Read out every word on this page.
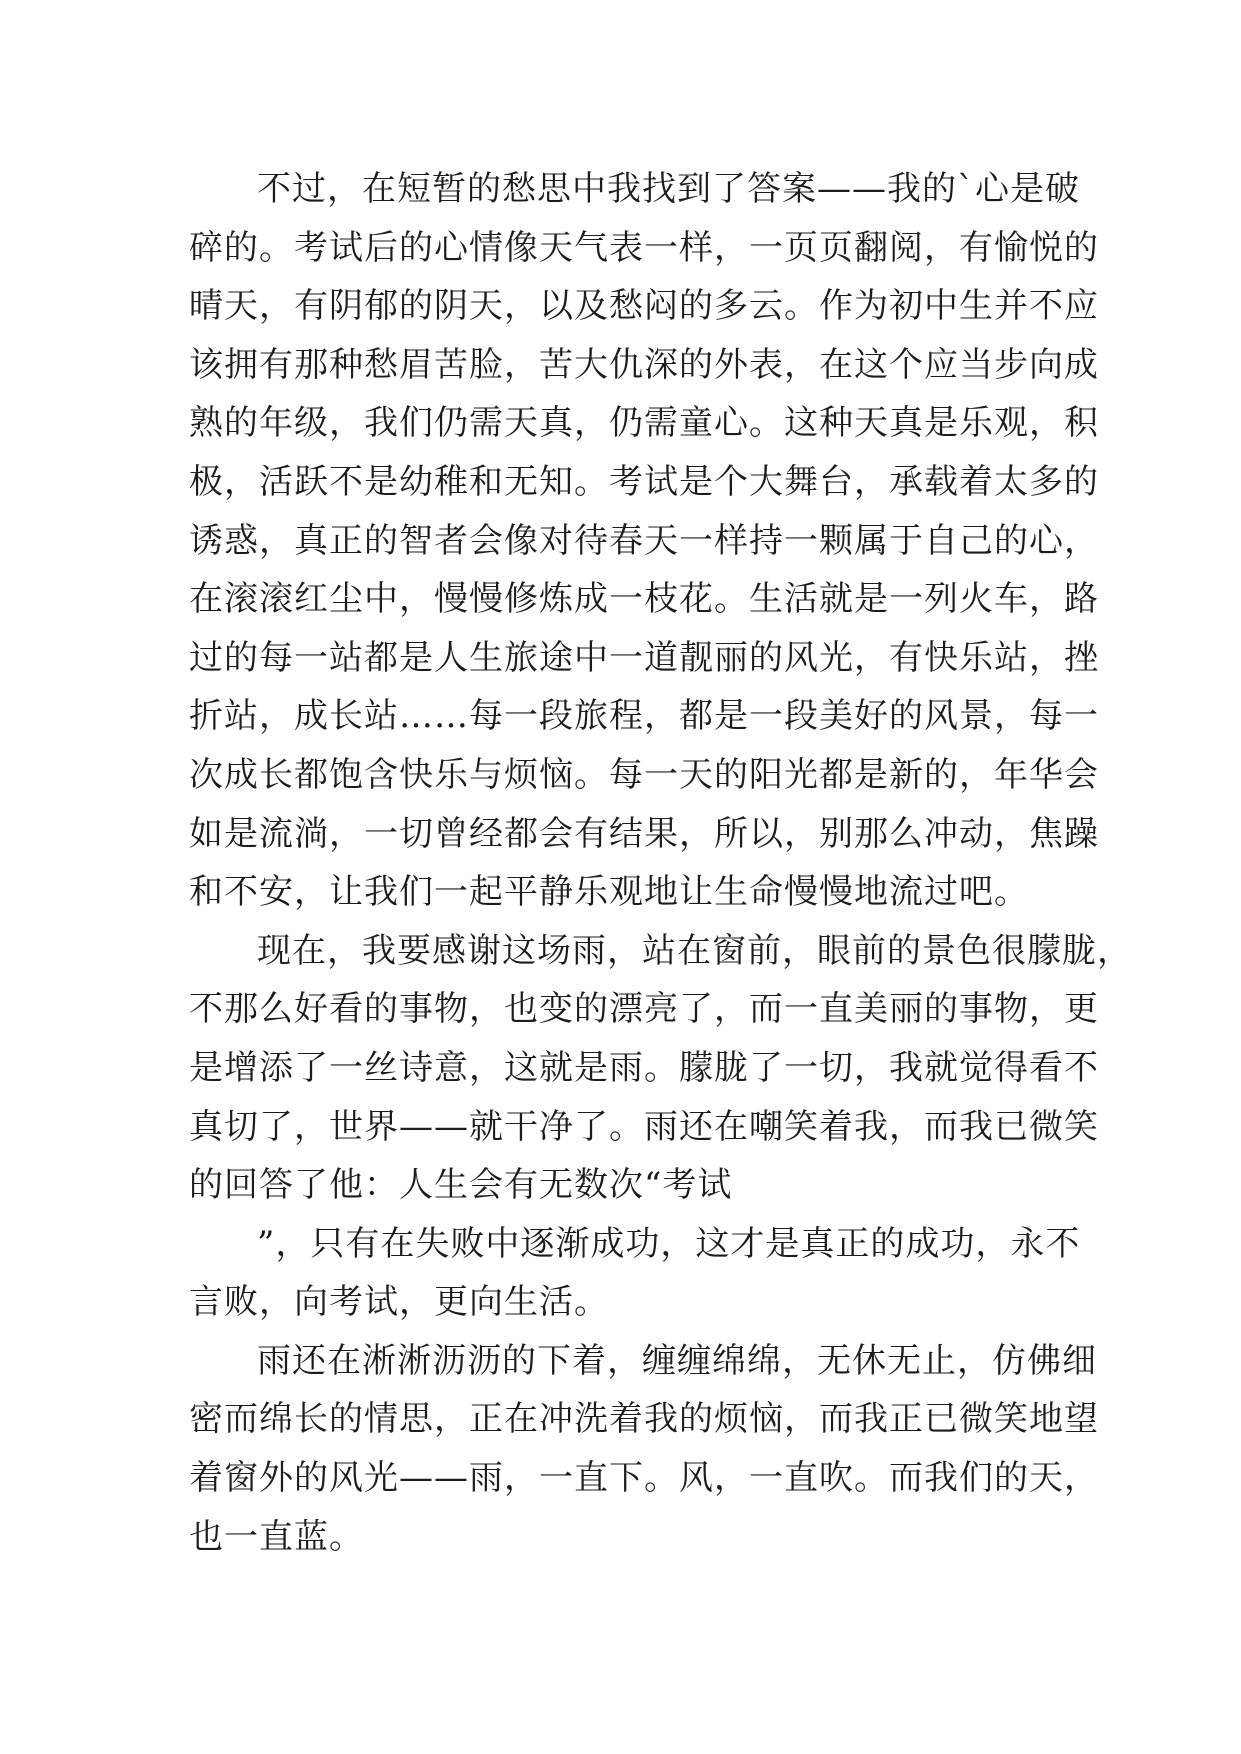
不过，在短暂的愁思中我找到了答案——我的`心是破
碎的。考试后的心情像天气表一样，一页页翻阅，有愉悦的
晴天，有阴郁的阴天，以及愁闷的多云。作为初中生并不应
该拥有那种愁眉苦脸，苦大仇深的外表，在这个应当步向成
熟的年级，我们仍需天真，仍需童心。这种天真是乐观，积
极，活跃不是幼稚和无知。考试是个大舞台，承载着太多的
诱惑，真正的智者会像对待春天一样持一颗属于自己的心，
在滚滚红尘中，慢慢修炼成一枝花。生活就是一列火车，路
过的每一站都是人生旅途中一道靓丽的风光，有快乐站，挫
折站，成长站……每一段旅程，都是一段美好的风景，每一
次成长都饱含快乐与烦恼。每一天的阳光都是新的，年华会
如是流淌，一切曾经都会有结果，所以，别那么冲动，焦躁
和不安，让我们一起平静乐观地让生命慢慢地流过吧。
现在，我要感谢这场雨，站在窗前，眼前的景色很朦胧，
不那么好看的事物，也变的漂亮了，而一直美丽的事物，更
是增添了一丝诗意，这就是雨。朦胧了一切，我就觉得看不
真切了，世界——就干净了。雨还在嘲笑着我，而我已微笑
的回答了他：人生会有无数次“考试
”，只有在失败中逐渐成功，这才是真正的成功，永不
言败，向考试，更向生活。
雨还在淅淅沥沥的下着，缠缠绵绵，无休无止，仿佛细
密而绵长的情思，正在冲洗着我的烦恼，而我正已微笑地望
着窗外的风光——雨，一直下。风，一直吹。而我们的天，
也一直蓝。
